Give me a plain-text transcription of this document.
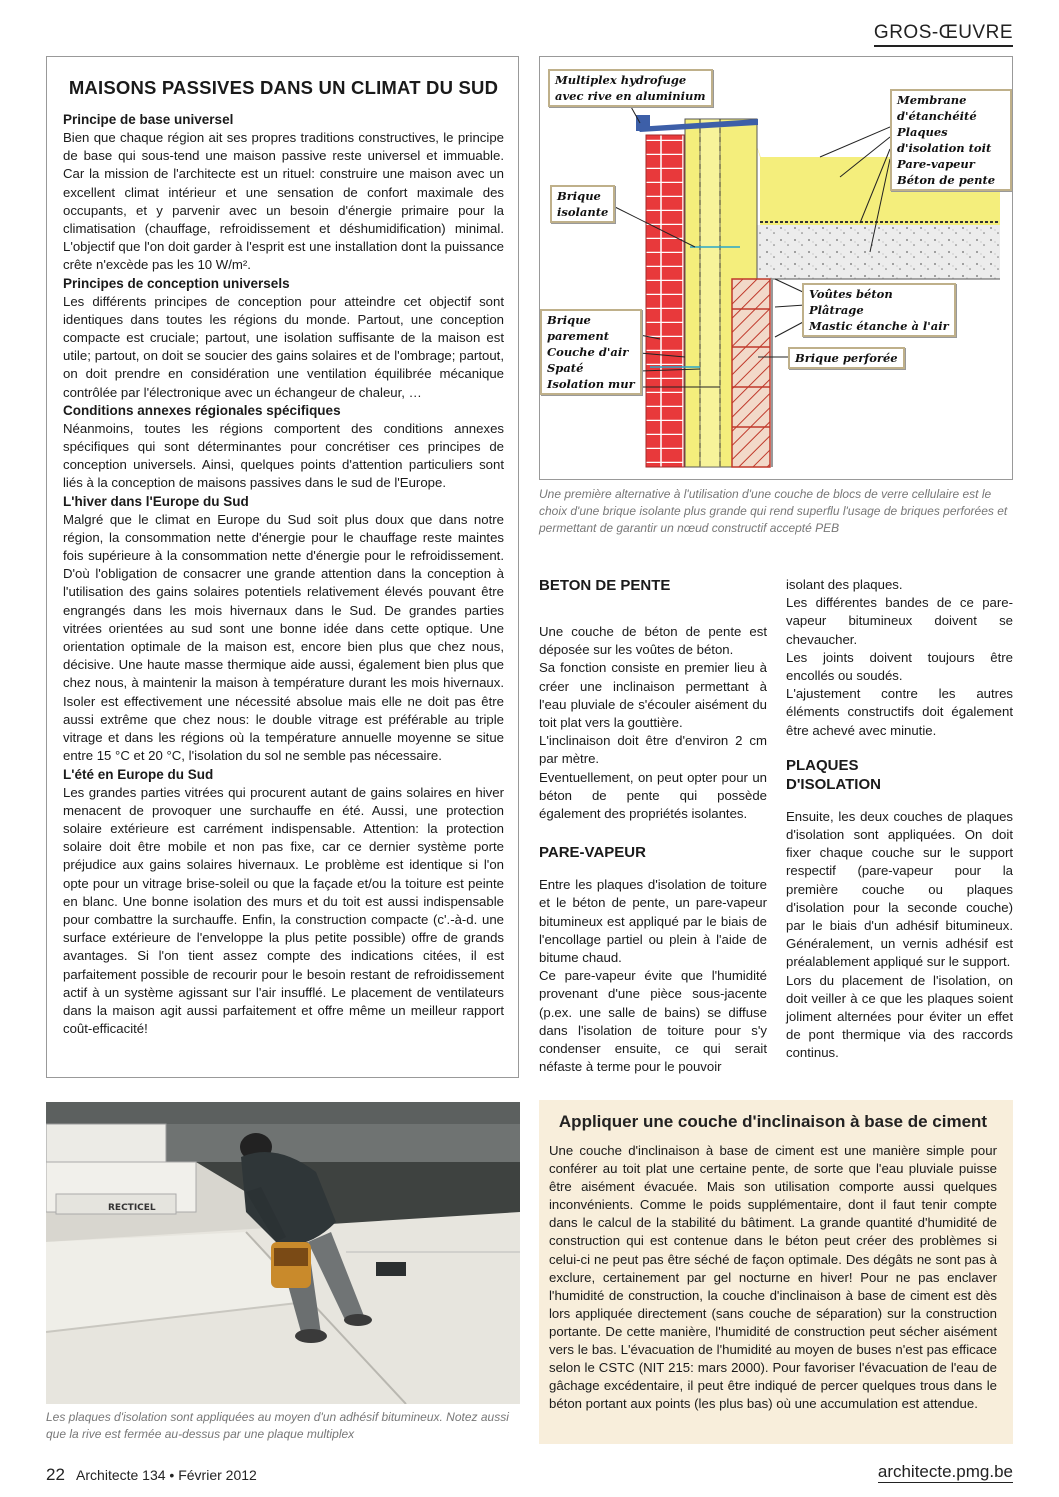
GROS-ŒUVRE
MAISONS PASSIVES DANS UN CLIMAT DU SUD
Principe de base universel

Bien que chaque région ait ses propres traditions constructives, le principe de base qui sous-tend une maison passive reste universel et immuable. Car la mission de l'architecte est un rituel: construire une maison avec un excellent climat intérieur et une sensation de confort maximale des occupants, et y parvenir avec un besoin d'énergie primaire pour la climatisation (chauffage, refroidissement et déshumidification) minimal. L'objectif que l'on doit garder à l'esprit est une installation dont la puissance crête n'excède pas les 10 W/m².

Principes de conception universels

Les différents principes de conception pour atteindre cet objectif sont identiques dans toutes les régions du monde. Partout, une conception compacte est cruciale; partout, une isolation suffisante de la maison est utile; partout, on doit se soucier des gains solaires et de l'ombrage; partout, on doit prendre en considération une ventilation équilibrée mécanique contrôlée par l'électronique avec un échangeur de chaleur, …

Conditions annexes régionales spécifiques

Néanmoins, toutes les régions comportent des conditions annexes spécifiques qui sont déterminantes pour concrétiser ces principes de conception universels. Ainsi, quelques points d'attention particuliers sont liés à la conception de maisons passives dans le sud de l'Europe.

L'hiver dans l'Europe du Sud

Malgré que le climat en Europe du Sud soit plus doux que dans notre région, la consommation nette d'énergie pour le chauffage reste maintes fois supérieure à la consommation nette d'énergie pour le refroidissement. D'où l'obligation de consacrer une grande attention dans la conception à l'utilisation des gains solaires potentiels relativement élevés pouvant être engrangés dans les mois hivernaux dans le Sud. De grandes parties vitrées orientées au sud sont une bonne idée dans cette optique. Une orientation optimale de la maison est, encore bien plus que chez nous, décisive. Une haute masse thermique aide aussi, également bien plus que chez nous, à maintenir la maison à température durant les mois hivernaux. Isoler est effectivement une nécessité absolue mais elle ne doit pas être aussi extrême que chez nous: le double vitrage est préférable au triple vitrage et dans les régions où la température annuelle moyenne se situe entre 15 °C et 20 °C, l'isolation du sol ne semble pas nécessaire.

L'été en Europe du Sud

Les grandes parties vitrées qui procurent autant de gains solaires en hiver menacent de provoquer une surchauffe en été. Aussi, une protection solaire extérieure est carrément indispensable. Attention: la protection solaire doit être mobile et non pas fixe, car ce dernier système porte préjudice aux gains solaires hivernaux. Le problème est identique si l'on opte pour un vitrage brise-soleil ou que la façade et/ou la toiture est peinte en blanc. Une bonne isolation des murs et du toit est aussi indispensable pour combattre la surchauffe. Enfin, la construction compacte (c'.-à-d. une surface extérieure de l'enveloppe la plus petite possible) offre de grands avantages. Si l'on tient assez compte des indications citées, il est parfaitement possible de recourir pour le besoin restant de refroidissement actif à un système agissant sur l'air insufflé. Le placement de ventilateurs dans la maison agit aussi parfaitement et offre même un meilleur rapport coût-efficacité!

Multiplex hydrofuge
avec rive en aluminium	Membrane d'étanchéité
Plaques d'isolation toit
Pare-vapeur
Béton de pente
Brique
isolante
Voûtes béton
Plâtrage
Mastic étanche à l'air
Brique
parement
Couche d'air
Spaté
Isolation mur
Brique perforée
Une première alternative à l'utilisation d'une couche de blocs de verre cellulaire est le choix d'une brique isolante plus grande qui rend superflu l'usage de briques perforées et permettant de garantir un nœud constructif accepté PEB
BETON DE PENTE

Une couche de béton de pente est déposée sur les voûtes de béton.

Sa fonction consiste en premier lieu à créer une inclinaison permettant à l'eau pluviale de s'écouler aisément du toit plat vers la gouttière.

L'inclinaison doit être d'environ 2 cm par mètre.

Eventuellement, on peut opter pour un béton de pente qui possède également des propriétés isolantes.

PARE-VAPEUR

Entre les plaques d'isolation de toiture et le béton de pente, un pare-vapeur bitumineux est appliqué par le biais de l'encollage partiel ou plein à l'aide de bitume chaud.

Ce pare-vapeur évite que l'humidité provenant d'une pièce sous-jacente (p.ex. une salle de bains) se diffuse dans l'isolation de toiture pour s'y condenser ensuite, ce qui serait néfaste à terme pour le pouvoir

isolant des plaques.

Les différentes bandes de ce pare-vapeur bitumineux doivent se chevaucher.

Les joints doivent toujours être encollés ou soudés.

L'ajustement contre les autres éléments constructifs doit également être achevé avec minutie.

PLAQUES D'ISOLATION

Ensuite, les deux couches de plaques d'isolation sont appliquées. On doit fixer chaque couche sur le support respectif (pare-vapeur pour la première couche ou plaques d'isolation pour la seconde couche) par le biais d'un adhésif bitumineux. Généralement, un vernis adhésif est préalablement appliqué sur le support.

Lors du placement de l'isolation, on doit veiller à ce que les plaques soient joliment alternées pour éviter un effet de pont thermique via des raccords continus.

RECTICEL
Les plaques d'isolation sont appliquées au moyen d'un adhésif bitumineux. Notez aussi que la rive est fermée au-dessus par une plaque multiplex
Appliquer une couche d'inclinaison à base de ciment

Une couche d'inclinaison à base de ciment est une manière simple pour conférer au toit plat une certaine pente, de sorte que l'eau pluviale puisse être aisément évacuée. Mais son utilisation comporte aussi quelques inconvénients. Comme le poids supplémentaire, dont il faut tenir compte dans le calcul de la stabilité du bâtiment. La grande quantité d'humidité de construction qui est contenue dans le béton peut créer des problèmes si celui-ci ne peut pas être séché de façon optimale. Des dégâts ne sont pas à exclure, certainement par gel nocturne en hiver! Pour ne pas enclaver l'humidité de construction, la couche d'inclinaison à base de ciment est dès lors appliquée directement (sans couche de séparation) sur la construction portante. De cette manière, l'humidité de construction peut sécher aisément vers le bas. L'évacuation de l'humidité au moyen de buses n'est pas efficace selon le CSTC (NIT 215: mars 2000). Pour favoriser l'évacuation de l'eau de gâchage excédentaire, il peut être indiqué de percer quelques trous dans le béton portant aux points (les plus bas) où une accumulation est attendue.

22 Architecte 134 • Février 2012	architecte.pmg.be
